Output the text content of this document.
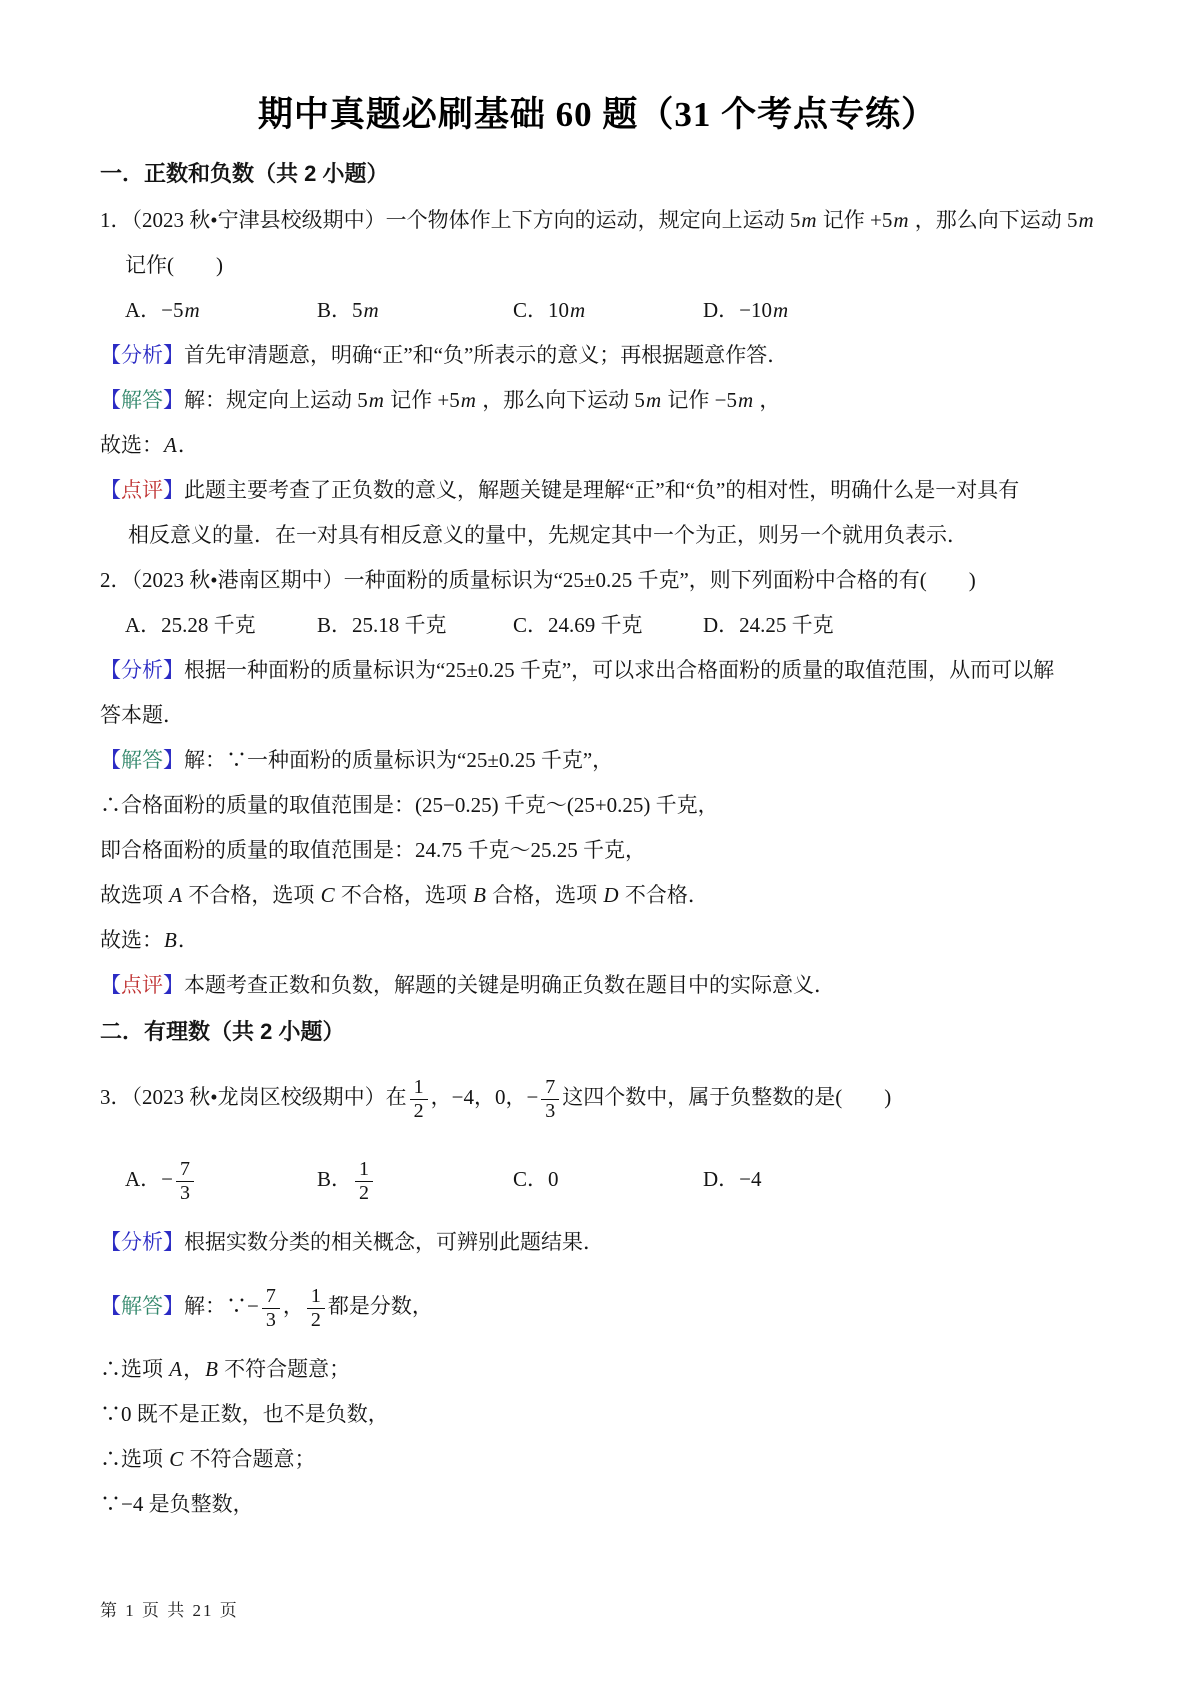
期中真题必刷基础 60 题（31 个考点专练）
一．正数和负数（共 2 小题）
1．（2023 秋•宁津县校级期中）一个物体作上下方向的运动，规定向上运动 5m 记作 +5m ，那么向下运动 5m
记作(　　)
A．−5m	B．5m	C．10m	D．−10m
【分析】首先审清题意，明确“正”和“负”所表示的意义；再根据题意作答．
【解答】解：规定向上运动 5m 记作 +5m ，那么向下运动 5m 记作 −5m ，
故选：A．
【点评】此题主要考查了正负数的意义，解题关键是理解“正”和“负”的相对性，明确什么是一对具有
相反意义的量．在一对具有相反意义的量中，先规定其中一个为正，则另一个就用负表示．
2．（2023 秋•港南区期中）一种面粉的质量标识为“25±0.25 千克”，则下列面粉中合格的有(　　)
A．25.28 千克	B．25.18 千克	C．24.69 千克	D．24.25 千克
【分析】根据一种面粉的质量标识为“25±0.25 千克”，可以求出合格面粉的质量的取值范围，从而可以解
答本题．
【解答】解：∵一种面粉的质量标识为“25±0.25 千克”，
∴合格面粉的质量的取值范围是：(25−0.25) 千克～(25+0.25) 千克，
即合格面粉的质量的取值范围是：24.75 千克～25.25 千克，
故选项 A 不合格，选项 C 不合格，选项 B 合格，选项 D 不合格．
故选：B．
【点评】本题考查正数和负数，解题的关键是明确正负数在题目中的实际意义．
二．有理数（共 2 小题）
3．（2023 秋•龙岗区校级期中）在 $\frac{1}{2}$ ，−4，0，− $\frac{7}{3}$ 这四个数中，属于负整数的是(　　)
A．− $\frac{7}{3}$	B． $\frac{1}{2}$	C．0	D．−4
【分析】根据实数分类的相关概念，可辨别此题结果．
【解答】解：∵− $\frac{7}{3}$ ， $\frac{1}{2}$ 都是分数，
∴选项 A，B 不符合题意；
∵0 既不是正数，也不是负数，
∴选项 C 不符合题意；
∵−4 是负整数，
第 1 页 共 21 页
